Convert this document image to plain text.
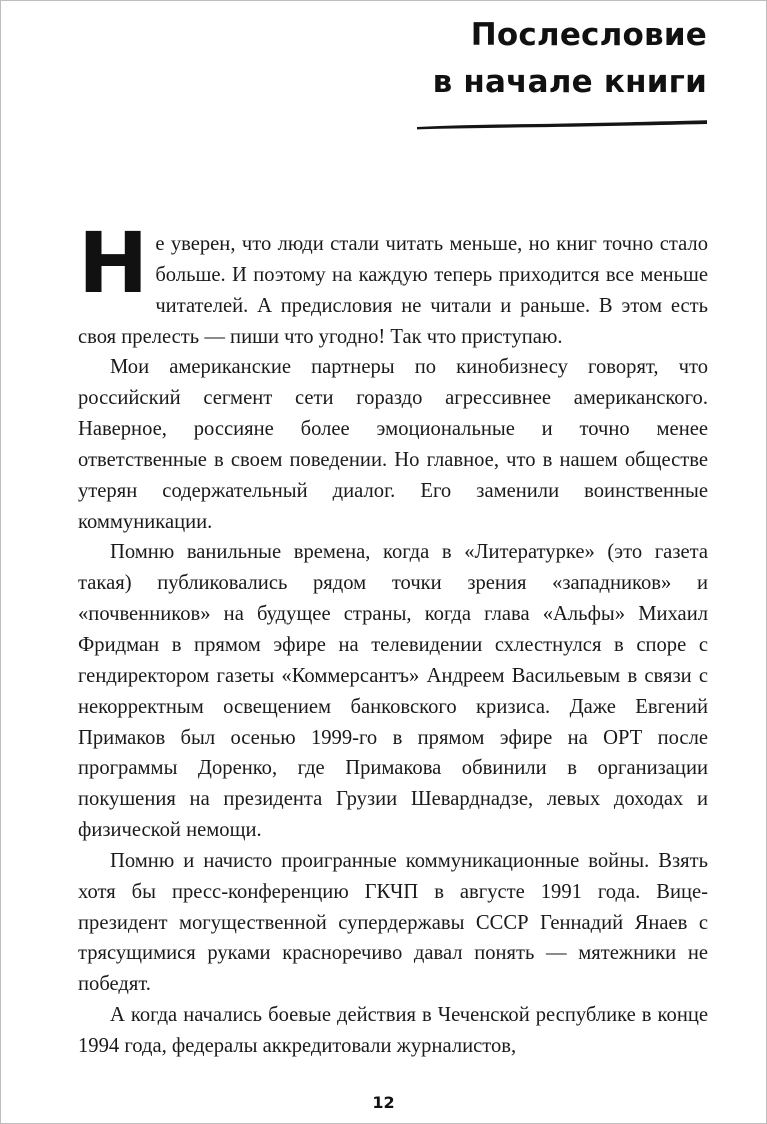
Послесловие
в начале книги

Не уверен, что люди стали читать меньше, но книг точно стало больше. И поэтому на каждую теперь приходится все меньше читателей. А предисловия не читали и раньше. В этом есть своя прелесть — пиши что угодно! Так что приступаю.

Мои американские партнеры по кинобизнесу говорят, что российский сегмент сети гораздо агрессивнее американского. Наверное, россияне более эмоциональные и точно менее ответственные в своем поведении. Но главное, что в нашем обществе утерян содержательный диалог. Его заменили воинственные коммуникации.

Помню ванильные времена, когда в «Литературке» (это газета такая) публиковались рядом точки зрения «западников» и «почвенников» на будущее страны, когда глава «Альфы» Михаил Фридман в прямом эфире на телевидении схлестнулся в споре с гендиректором газеты «Коммерсантъ» Андреем Васильевым в связи с некорректным освещением банковского кризиса. Даже Евгений Примаков был осенью 1999-го в прямом эфире на ОРТ после программы Доренко, где Примакова обвинили в организации покушения на президента Грузии Шеварднадзе, левых доходах и физической немощи.

Помню и начисто проигранные коммуникационные войны. Взять хотя бы пресс-конференцию ГКЧП в августе 1991 года. Вице-президент могущественной супердержавы СССР Геннадий Янаев с трясущимися руками красноречиво давал понять — мятежники не победят.

А когда начались боевые действия в Чеченской республике в конце 1994 года, федералы аккредитовали журналистов,

12
